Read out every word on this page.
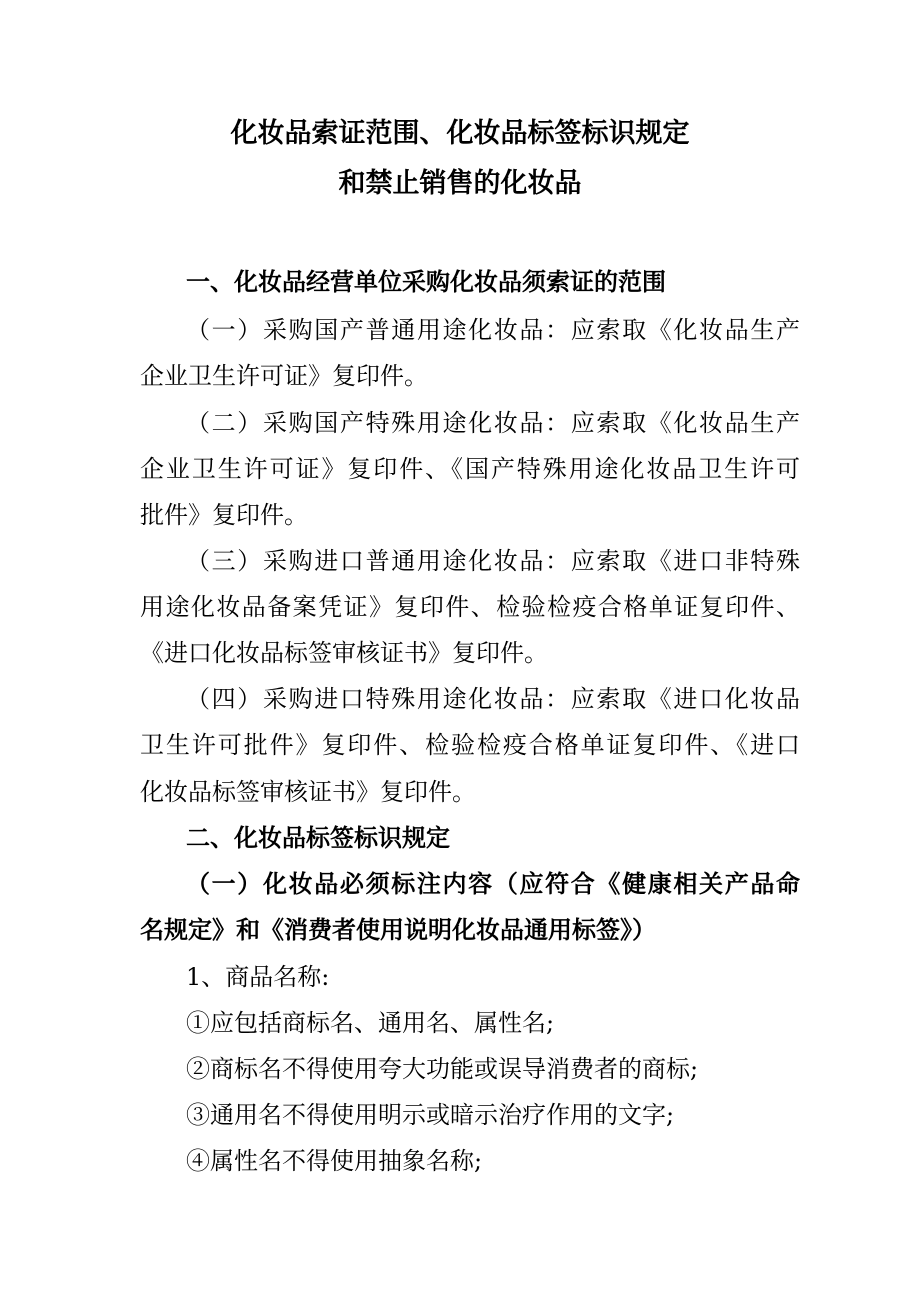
化妆品索证范围、化妆品标签标识规定
和禁止销售的化妆品
一、化妆品经营单位采购化妆品须索证的范围
（一）采购国产普通用途化妆品：应索取《化妆品生产
企业卫生许可证》复印件。
（二）采购国产特殊用途化妆品：应索取《化妆品生产
企业卫生许可证》复印件、《国产特殊用途化妆品卫生许可
批件》复印件。
（三）采购进口普通用途化妆品：应索取《进口非特殊
用途化妆品备案凭证》复印件、检验检疫合格单证复印件、
《进口化妆品标签审核证书》复印件。
（四）采购进口特殊用途化妆品：应索取《进口化妆品
卫生许可批件》复印件、检验检疫合格单证复印件、《进口
化妆品标签审核证书》复印件。
二、化妆品标签标识规定
（一）化妆品必须标注内容（应符合《健康相关产品命
名规定》和《消费者使用说明化妆品通用标签》）
1、商品名称:
①应包括商标名、通用名、属性名;
②商标名不得使用夸大功能或误导消费者的商标;
③通用名不得使用明示或暗示治疗作用的文字;
④属性名不得使用抽象名称;
